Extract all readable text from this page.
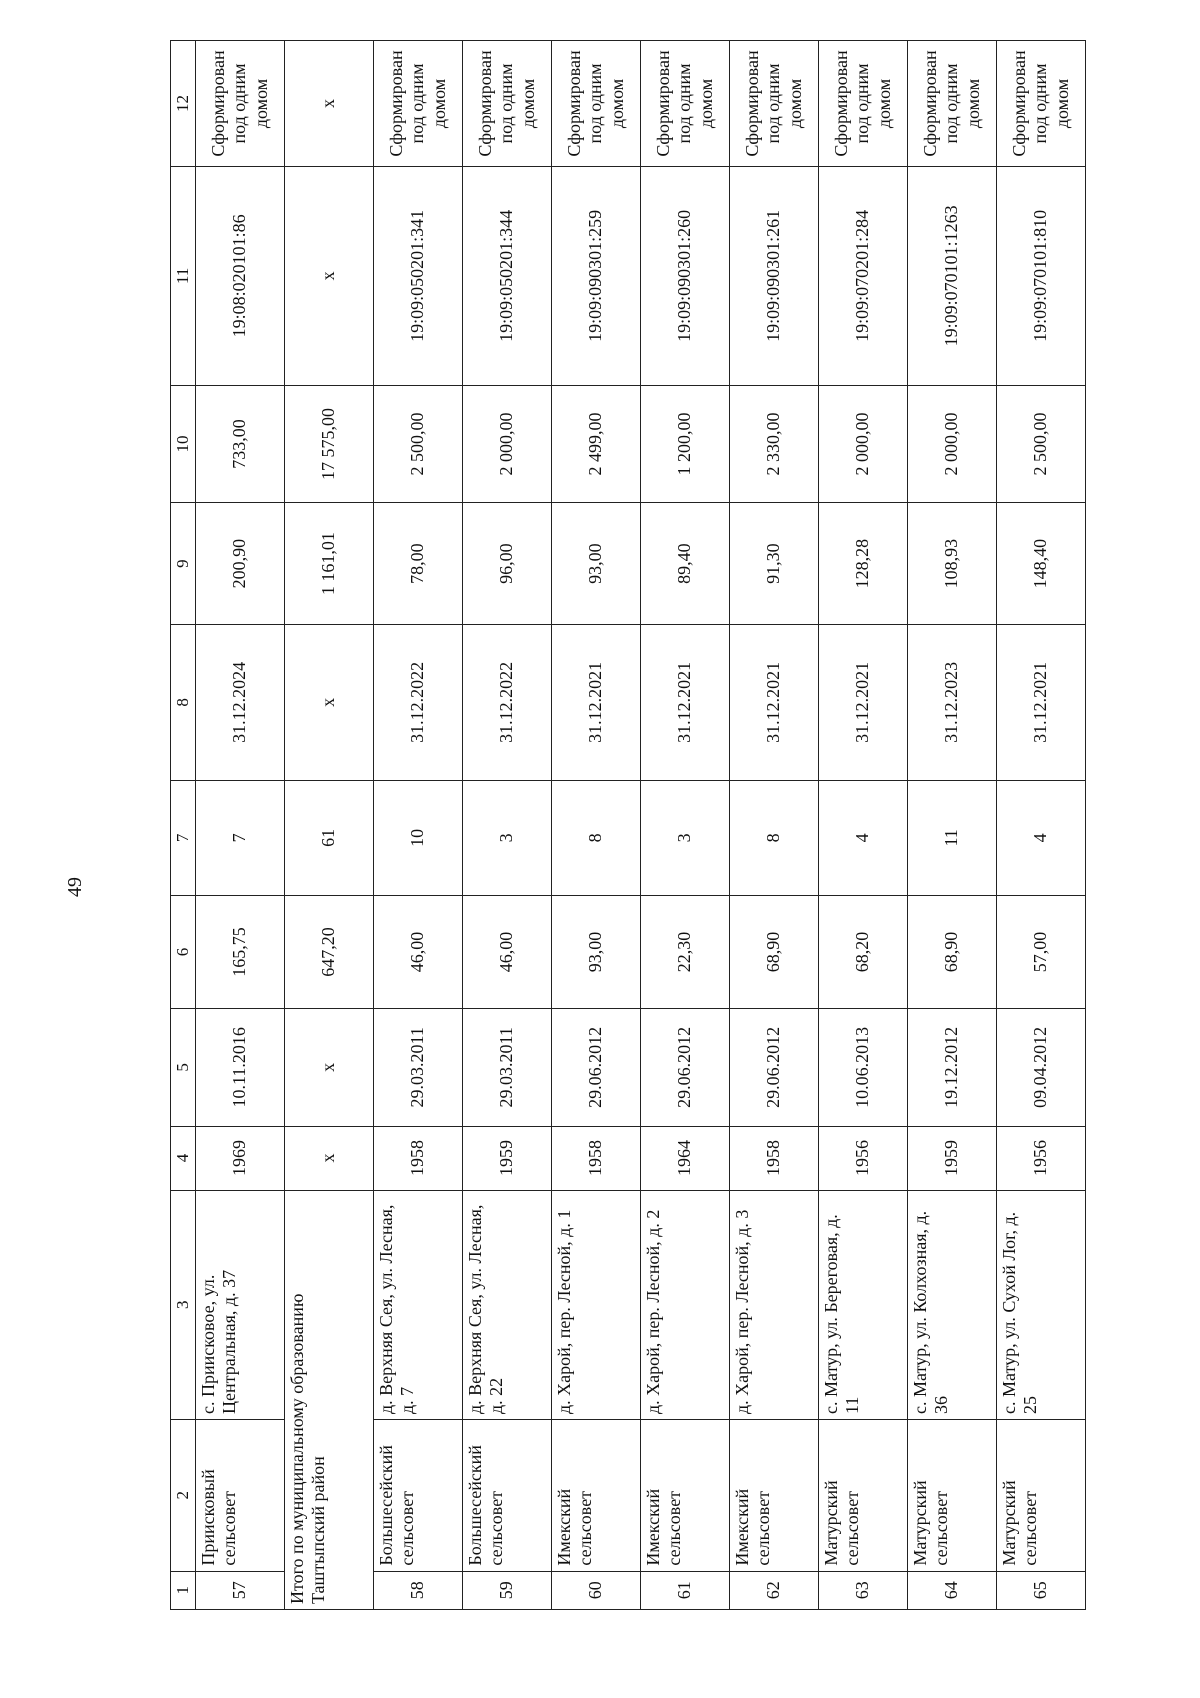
49
1	2	3	4	5	6	7	8	9	10	11	12
57	Приисковый сельсовет	с. Приисковое, ул. Центральная, д. 37	1969	10.11.2016	165,75	7	31.12.2024	200,90	733,00	19:08:020101:86	Сформирован под одним домом
Итого по муниципальному образованию Таштыпский район			х	х	647,20	61	х	1 161,01	17 575,00	х	х
58	Большесейский сельсовет	д. Верхняя Сея, ул. Лесная, д. 7	1958	29.03.2011	46,00	10	31.12.2022	78,00	2 500,00	19:09:050201:341	Сформирован под одним домом
59	Большесейский сельсовет	д. Верхняя Сея, ул. Лесная, д. 22	1959	29.03.2011	46,00	3	31.12.2022	96,00	2 000,00	19:09:050201:344	Сформирован под одним домом
60	Имекский сельсовет	д. Харой, пер. Лесной, д. 1	1958	29.06.2012	93,00	8	31.12.2021	93,00	2 499,00	19:09:090301:259	Сформирован под одним домом
61	Имекский сельсовет	д. Харой, пер. Лесной, д. 2	1964	29.06.2012	22,30	3	31.12.2021	89,40	1 200,00	19:09:090301:260	Сформирован под одним домом
62	Имекский сельсовет	д. Харой, пер. Лесной, д. 3	1958	29.06.2012	68,90	8	31.12.2021	91,30	2 330,00	19:09:090301:261	Сформирован под одним домом
63	Матурский сельсовет	с. Матур, ул. Береговая, д. 11	1956	10.06.2013	68,20	4	31.12.2021	128,28	2 000,00	19:09:070201:284	Сформирован под одним домом
64	Матурский сельсовет	с. Матур, ул. Колхозная, д. 36	1959	19.12.2012	68,90	11	31.12.2023	108,93	2 000,00	19:09:070101:1263	Сформирован под одним домом
65	Матурский сельсовет	с. Матур, ул. Сухой Лог, д. 25	1956	09.04.2012	57,00	4	31.12.2021	148,40	2 500,00	19:09:070101:810	Сформирован под одним домом
